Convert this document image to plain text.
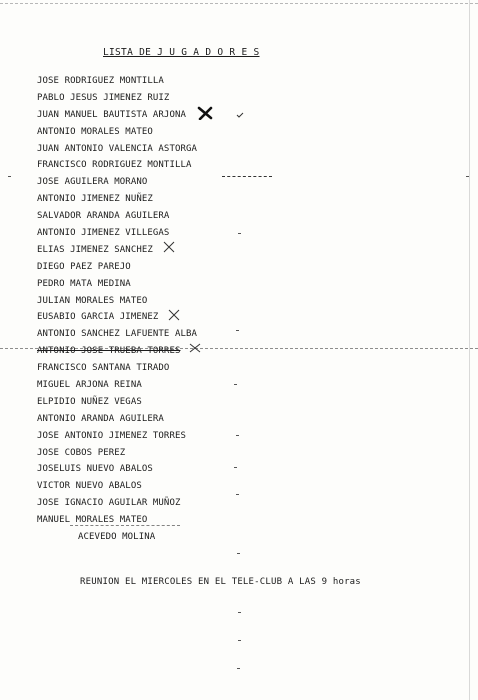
LISTA DE J U G A D O R E S
JOSE RODRIGUEZ MONTILLA
PABLO JESUS JIMENEZ RUIZ
JUAN MANUEL BAUTISTA ARJONA
ANTONIO MORALES MATEO
JUAN ANTONIO VALENCIA ASTORGA
FRANCISCO RODRIGUEZ MONTILLA
JOSE AGUILERA MORANO
ANTONIO JIMENEZ NUÑEZ
SALVADOR ARANDA AGUILERA
ANTONIO JIMENEZ VILLEGAS
ELIAS JIMENEZ SANCHEZ
DIEGO PAEZ PAREJO
PEDRO MATA MEDINA
JULIAN MORALES MATEO
EUSABIO GARCIA JIMENEZ
ANTONIO SANCHEZ LAFUENTE ALBA
ANTONIO JOSE TRUEBA TORRES
FRANCISCO SANTANA TIRADO
MIGUEL ARJONA REINA
ELPIDIO NUÑEZ VEGAS
ANTONIO ARANDA AGUILERA
JOSE ANTONIO JIMENEZ TORRES
JOSE COBOS PEREZ
JOSELUIS NUEVO ABALOS
VICTOR NUEVO ABALOS
JOSE IGNACIO AGUILAR MUÑOZ
MANUEL MORALES MATEO
ACEVEDO MOLINA
REUNION EL MIERCOLES EN EL TELE-CLUB A LAS 9 horas
